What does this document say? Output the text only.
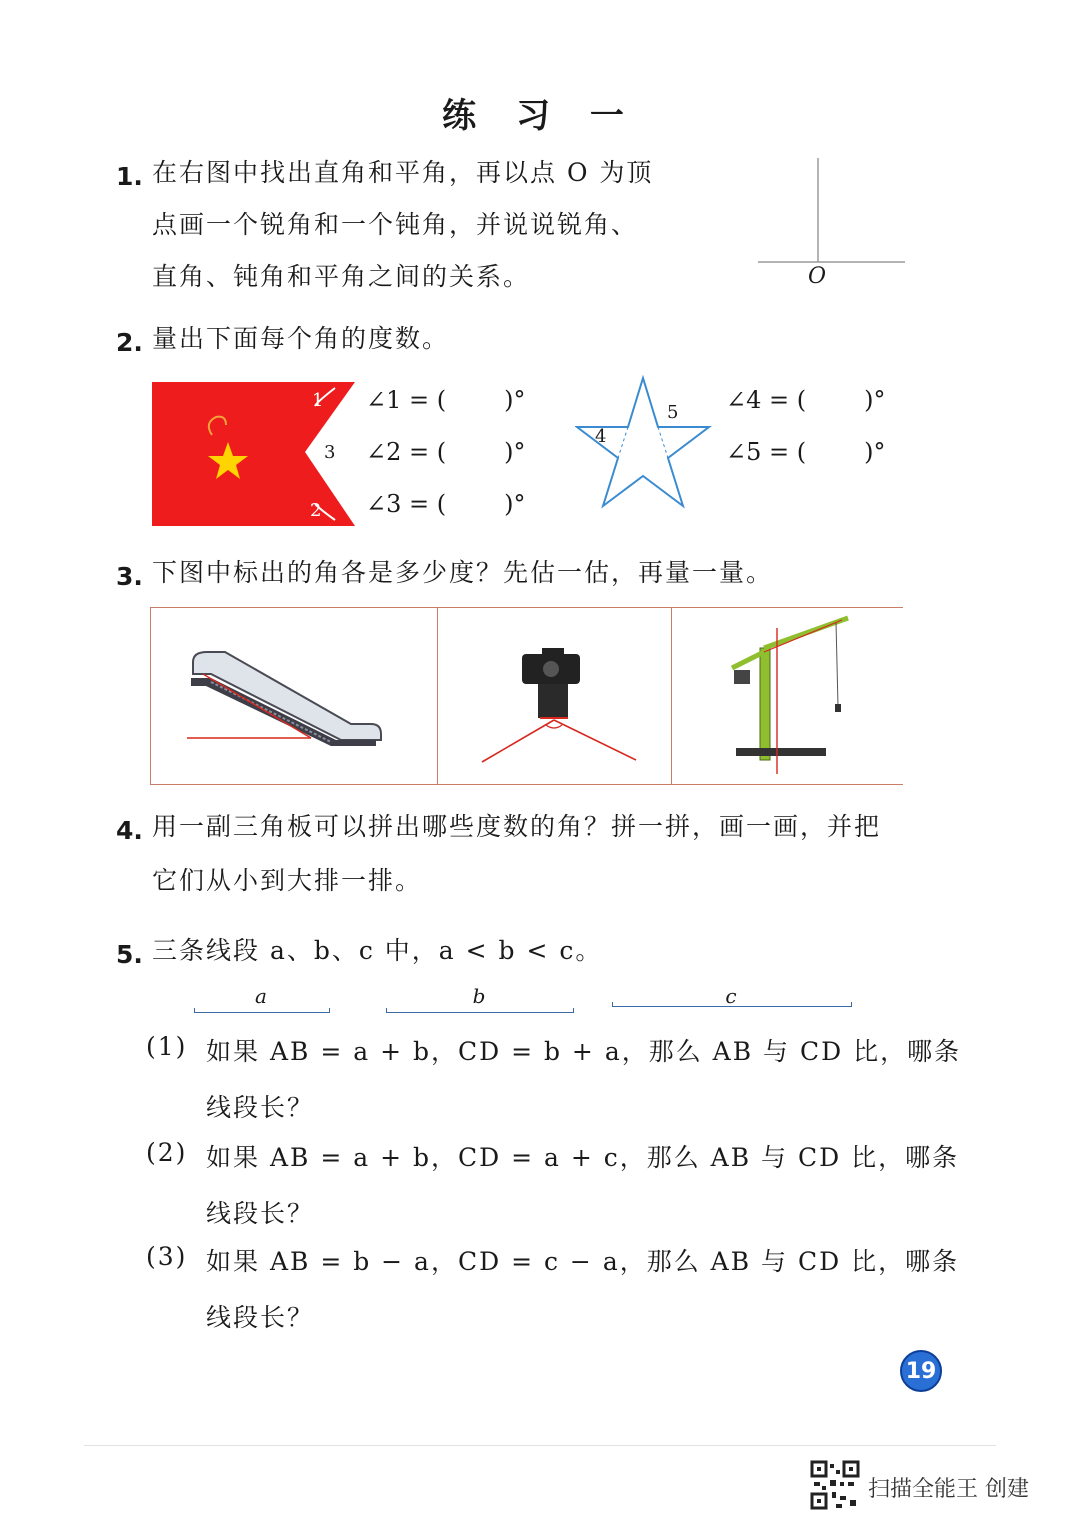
练 习 一
1. 在右图中找出直角和平角，再以点 O 为顶
点画一个锐角和一个钝角，并说说锐角、
直角、钝角和平角之间的关系。	O
2. 量出下面每个角的度数。
1
3
2
∠1 = ( )°
∠2 = ( )°
∠3 = ( )°
5
4
∠4 = ( )°
∠5 = ( )°
3. 下图中标出的角各是多少度？先估一估，再量一量。
4. 用一副三角板可以拼出哪些度数的角？拼一拼，画一画，并把
它们从小到大排一排。
5. 三条线段 a、b、c 中，a < b < c。
a	b	c
(1) 如果 AB = a + b，CD = b + a，那么 AB 与 CD 比，哪条
线段长？
(2) 如果 AB = a + b，CD = a + c，那么 AB 与 CD 比，哪条
线段长？
(3) 如果 AB = b − a，CD = c − a，那么 AB 与 CD 比，哪条
线段长？
19
扫描全能王 创建
